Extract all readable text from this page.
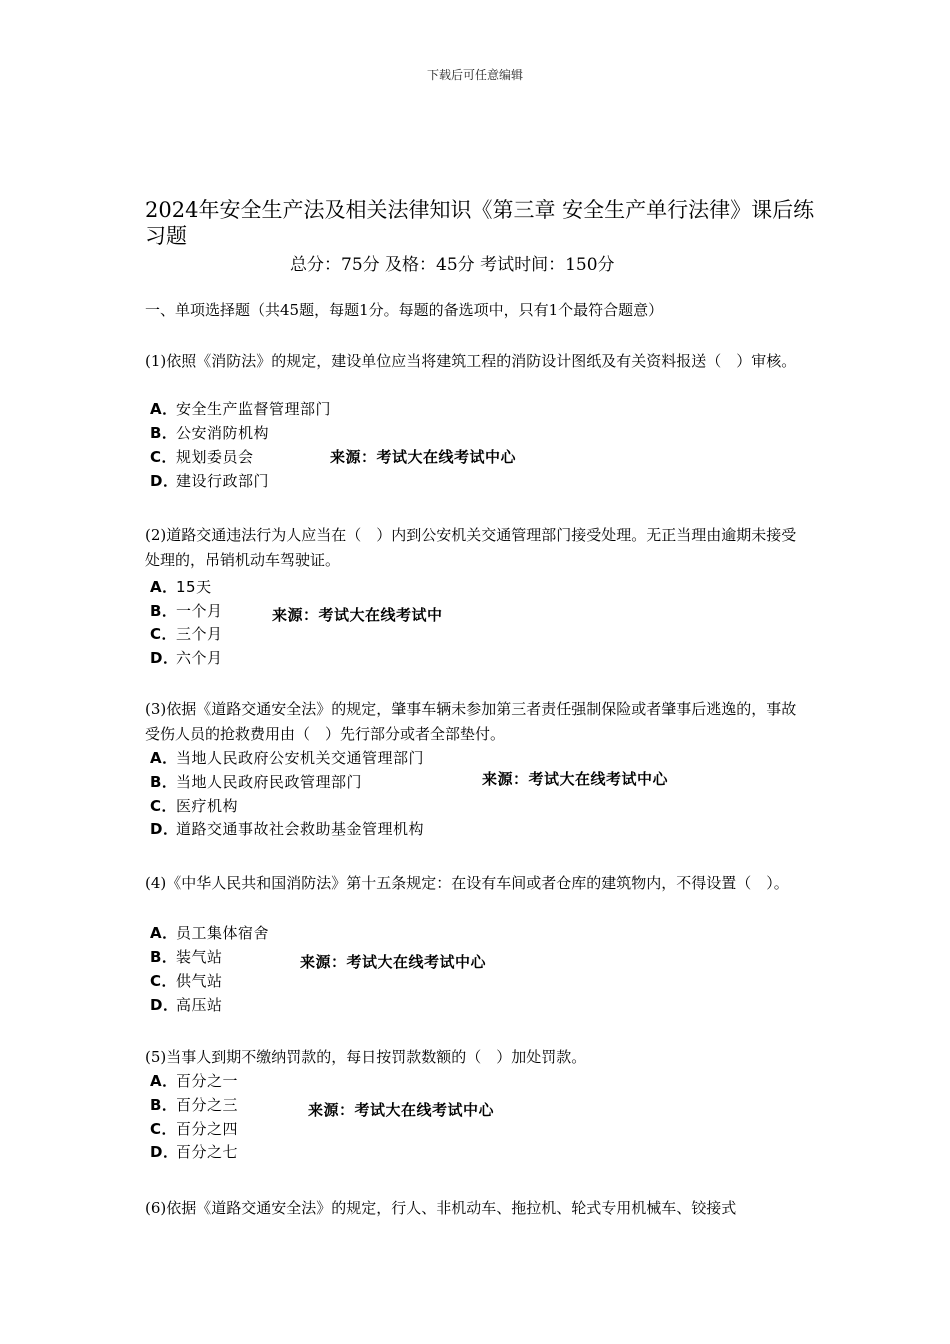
下载后可任意编辑
2024年安全生产法及相关法律知识《第三章 安全生产单行法律》课后练习题
总分：75分 及格：45分 考试时间：150分
一、单项选择题（共45题，每题1分。每题的备选项中，只有1个最符合题意）
(1)依照《消防法》的规定，建设单位应当将建筑工程的消防设计图纸及有关资料报送（　）审核。
A．安全生产监督管理部门
B．公安消防机构
C．规划委员会
D．建设行政部门
来源：考试大在线考试中心
(2)道路交通违法行为人应当在（　）内到公安机关交通管理部门接受处理。无正当理由逾期未接受处理的，吊销机动车驾驶证。
A．15天
B．一个月
C．三个月
D．六个月
来源：考试大在线考试中
(3)依据《道路交通安全法》的规定，肇事车辆未参加第三者责任强制保险或者肇事后逃逸的，事故受伤人员的抢救费用由（　）先行部分或者全部垫付。
A．当地人民政府公安机关交通管理部门
B．当地人民政府民政管理部门
C．医疗机构
D．道路交通事故社会救助基金管理机构
来源：考试大在线考试中心
(4)《中华人民共和国消防法》第十五条规定：在设有车间或者仓库的建筑物内，不得设置（　）。
A．员工集体宿舍
B．装气站
C．供气站
D．高压站
来源：考试大在线考试中心
(5)当事人到期不缴纳罚款的，每日按罚款数额的（　）加处罚款。
A．百分之一
B．百分之三
C．百分之四
D．百分之七
来源：考试大在线考试中心
(6)依据《道路交通安全法》的规定，行人、非机动车、拖拉机、轮式专用机械车、铰接式
